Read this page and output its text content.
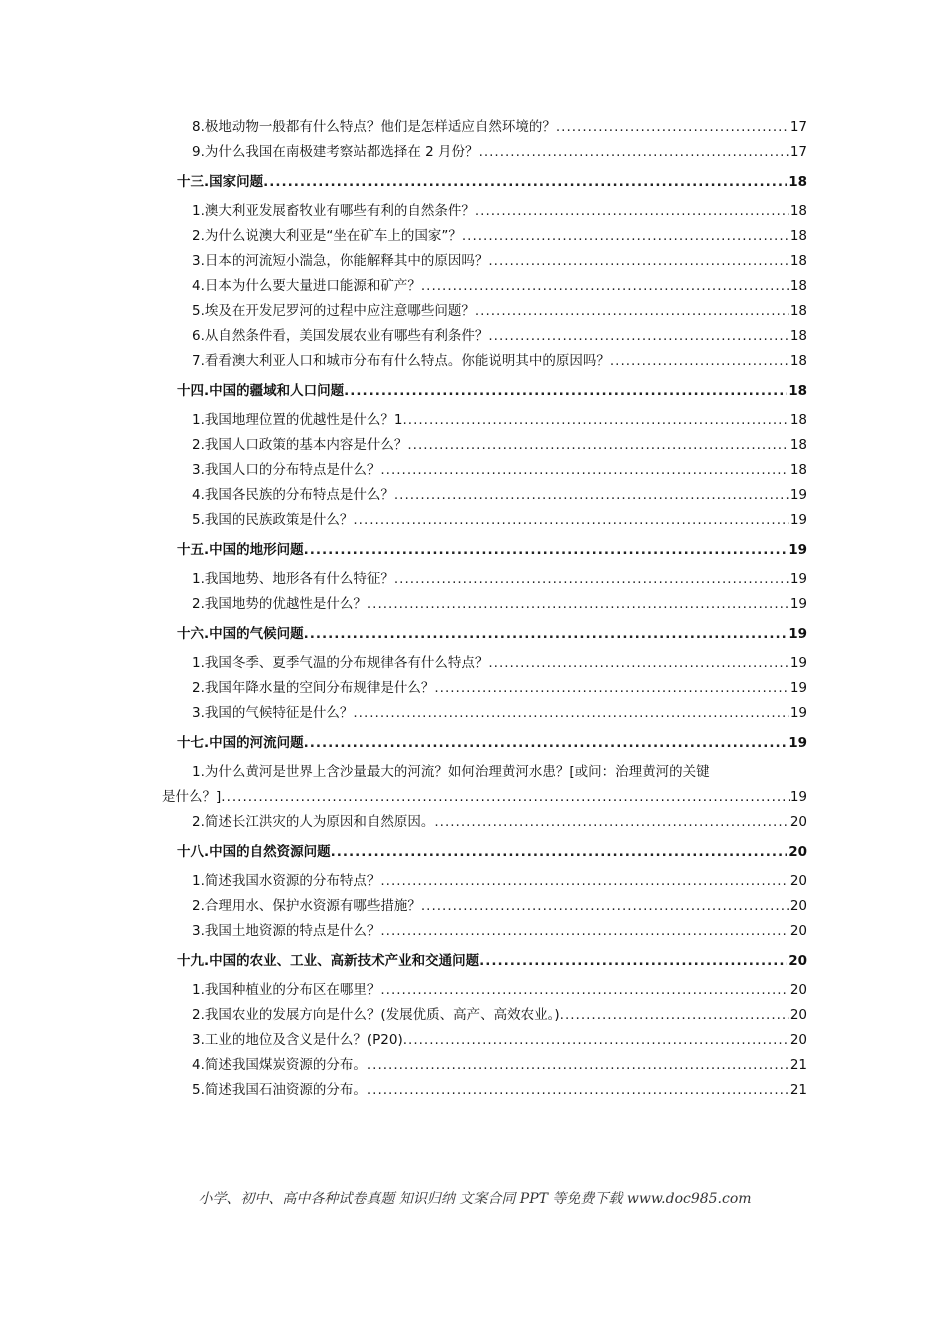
8.极地动物一般都有什么特点？他们是怎样适应自然环境的？ .....	17
9.为什么我国在南极建考察站都选择在 2 月份？ .....	17
十三.国家问题 .....	18
1.澳大利亚发展畜牧业有哪些有利的自然条件？ .....	18
2.为什么说澳大利亚是“坐在矿车上的国家”？ .....	18
3.日本的河流短小湍急，你能解释其中的原因吗？ .....	18
4.日本为什么要大量进口能源和矿产？ .....	18
5.埃及在开发尼罗河的过程中应注意哪些问题？ .....	18
6.从自然条件看，美国发展农业有哪些有利条件？ .....	18
7.看看澳大利亚人口和城市分布有什么特点。你能说明其中的原因吗？ .....	18
十四.中国的疆域和人口问题 .....	18
1.我国地理位置的优越性是什么？1 .....	18
2.我国人口政策的基本内容是什么？ .....	18
3.我国人口的分布特点是什么？ .....	18
4.我国各民族的分布特点是什么？ .....	19
5.我国的民族政策是什么？ .....	19
十五.中国的地形问题 .....	19
1.我国地势、地形各有什么特征？ .....	19
2.我国地势的优越性是什么？ .....	19
十六.中国的气候问题 .....	19
1.我国冬季、夏季气温的分布规律各有什么特点？ .....	19
2.我国年降水量的空间分布规律是什么？ .....	19
3.我国的气候特征是什么？ .....	19
十七.中国的河流问题 .....	19
1.为什么黄河是世界上含沙量最大的河流？如何治理黄河水患？[或问：治理黄河的关键
是什么？] .....	19
2.简述长江洪灾的人为原因和自然原因。 .....	20
十八.中国的自然资源问题 .....	20
1.简述我国水资源的分布特点？ .....	20
2.合理用水、保护水资源有哪些措施？ .....	20
3.我国土地资源的特点是什么？ .....	20
十九.中国的农业、工业、高新技术产业和交通问题 .....	20
1.我国种植业的分布区在哪里？ .....	20
2.我国农业的发展方向是什么？(发展优质、高产、高效农业。) .....	20
3.工业的地位及含义是什么？(P20) .....	20
4.简述我国煤炭资源的分布。 .....	21
5.简述我国石油资源的分布。 .....	21
小学、初中、高中各种试卷真题 知识归纳 文案合同 PPT 等免费下载 www.doc985.com
